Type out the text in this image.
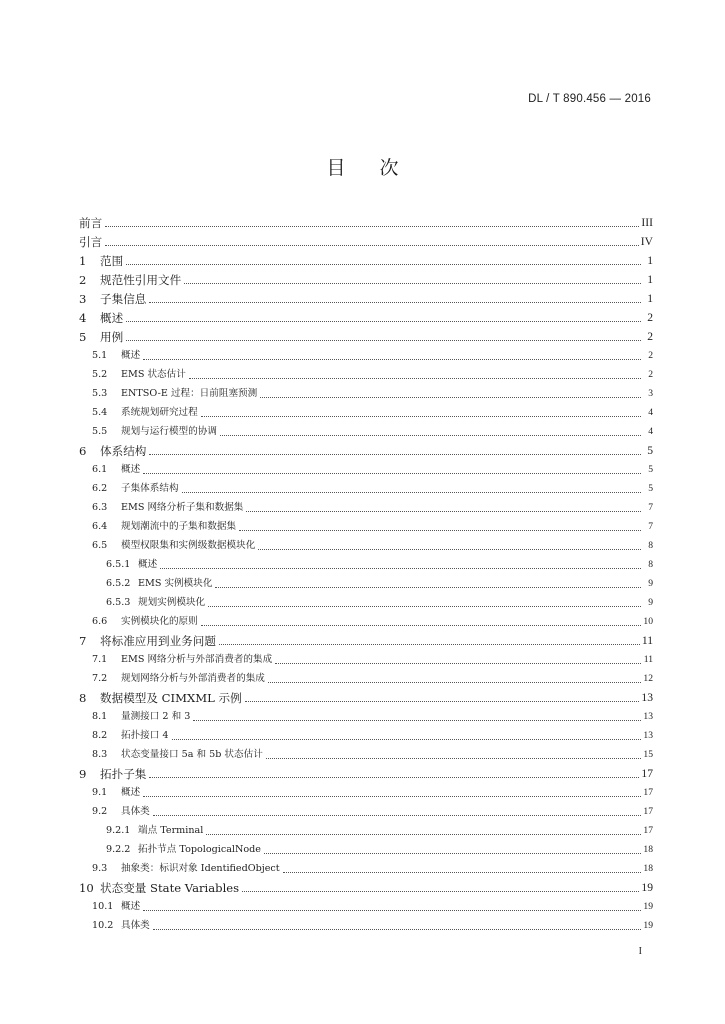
DL / T 890.456 — 2016
目次
前言	III
引言	IV
1	范围	1
2	规范性引用文件	1
3	子集信息	1
4	概述	2
5	用例	2
5.1	概述	2
5.2	EMS 状态估计	2
5.3	ENTSO-E 过程：日前阻塞预测	3
5.4	系统规划研究过程	4
5.5	规划与运行模型的协调	4
6	体系结构	5
6.1	概述	5
6.2	子集体系结构	5
6.3	EMS 网络分析子集和数据集	7
6.4	规划潮流中的子集和数据集	7
6.5	模型权限集和实例级数据模块化	8
6.5.1 概述	8
6.5.2 EMS 实例模块化	9
6.5.3 规划实例模块化	9
6.6	实例模块化的原则	10
7	将标准应用到业务问题	11
7.1	EMS 网络分析与外部消费者的集成	11
7.2	规划网络分析与外部消费者的集成	12
8	数据模型及 CIMXML 示例	13
8.1	量测接口 2 和 3	13
8.2	拓扑接口 4	13
8.3	状态变量接口 5a 和 5b 状态估计	15
9	拓扑子集	17
9.1	概述	17
9.2	具体类	17
9.2.1 端点 Terminal	17
9.2.2 拓扑节点 TopologicalNode	18
9.3	抽象类：标识对象 IdentifiedObject	18
10 状态变量 State Variables	19
10.1 概述	19
10.2 具体类	19
I
